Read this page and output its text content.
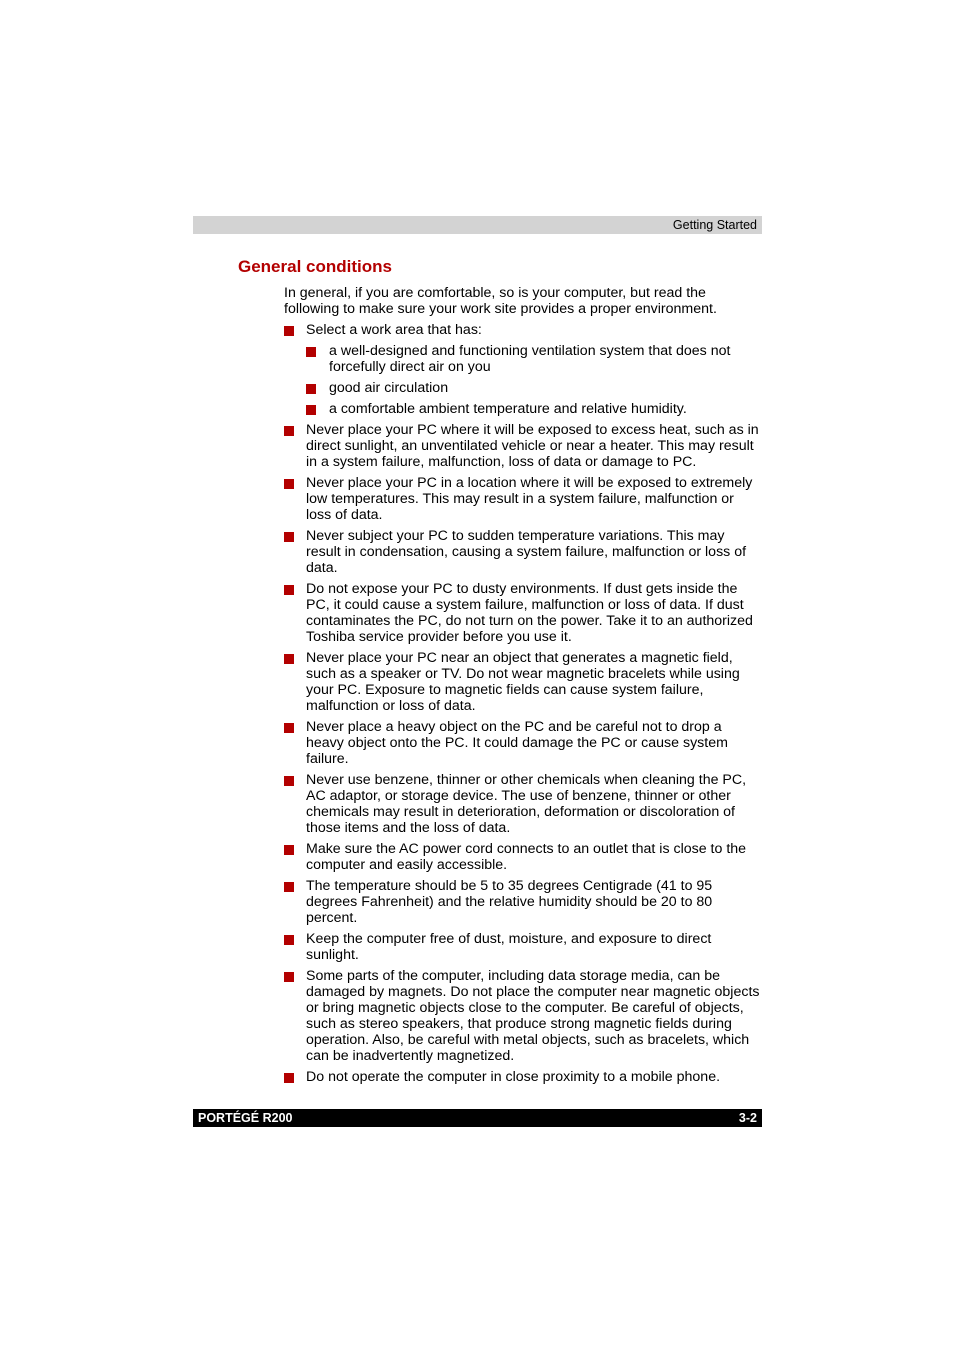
Getting Started
General conditions

In general, if you are comfortable, so is your computer, but read the following to make sure your work site provides a proper environment.

Select a work area that has:
a well-designed and functioning ventilation system that does not forcefully direct air on you
good air circulation
a comfortable ambient temperature and relative humidity.
Never place your PC where it will be exposed to excess heat, such as in direct sunlight, an unventilated vehicle or near a heater. This may result in a system failure, malfunction, loss of data or damage to PC.
Never place your PC in a location where it will be exposed to extremely low temperatures. This may result in a system failure, malfunction or loss of data.
Never subject your PC to sudden temperature variations. This may result in condensation, causing a system failure, malfunction or loss of data.
Do not expose your PC to dusty environments. If dust gets inside the PC, it could cause a system failure, malfunction or loss of data. If dust contaminates the PC, do not turn on the power. Take it to an authorized Toshiba service provider before you use it.
Never place your PC near an object that generates a magnetic field, such as a speaker or TV. Do not wear magnetic bracelets while using your PC. Exposure to magnetic fields can cause system failure, malfunction or loss of data.
Never place a heavy object on the PC and be careful not to drop a heavy object onto the PC. It could damage the PC or cause system failure.
Never use benzene, thinner or other chemicals when cleaning the PC, AC adaptor, or storage device. The use of benzene, thinner or other chemicals may result in deterioration, deformation or discoloration of those items and the loss of data.
Make sure the AC power cord connects to an outlet that is close to the computer and easily accessible.
The temperature should be 5 to 35 degrees Centigrade (41 to 95 degrees Fahrenheit) and the relative humidity should be 20 to 80 percent.
Keep the computer free of dust, moisture, and exposure to direct sunlight.
Some parts of the computer, including data storage media, can be damaged by magnets. Do not place the computer near magnetic objects or bring magnetic objects close to the computer. Be careful of objects, such as stereo speakers, that produce strong magnetic fields during operation. Also, be careful with metal objects, such as bracelets, which can be inadvertently magnetized.
Do not operate the computer in close proximity to a mobile phone.
PORTÉGÉ R200	3-2
